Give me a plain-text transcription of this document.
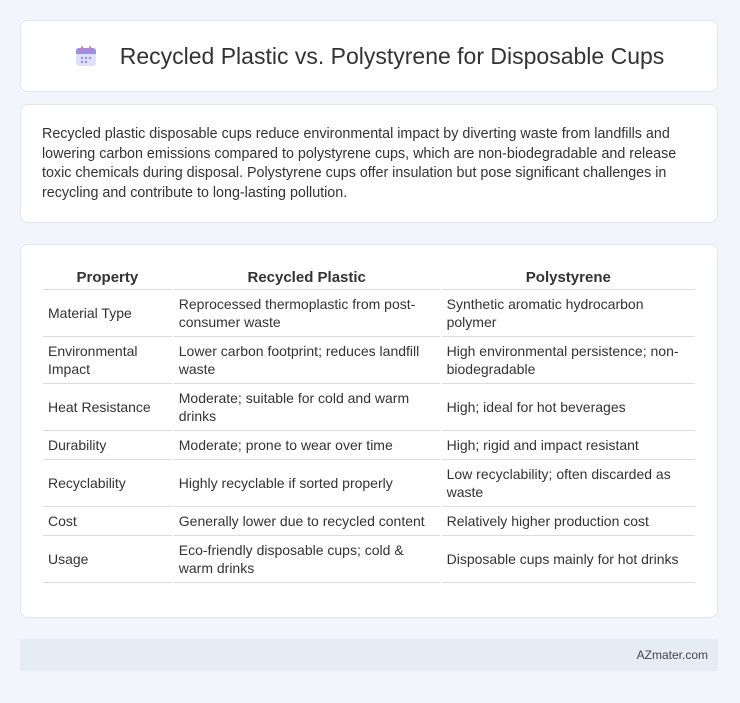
Recycled Plastic vs. Polystyrene for Disposable Cups

Recycled plastic disposable cups reduce environmental impact by diverting waste from landfills and lowering carbon emissions compared to polystyrene cups, which are non-biodegradable and release toxic chemicals during disposal. Polystyrene cups offer insulation but pose significant challenges in recycling and contribute to long-lasting pollution.

Property	Recycled Plastic	Polystyrene
Material Type	Reprocessed thermoplastic from post-consumer waste	Synthetic aromatic hydrocarbon polymer
Environmental Impact	Lower carbon footprint; reduces landfill waste	High environmental persistence; non-biodegradable
Heat Resistance	Moderate; suitable for cold and warm drinks	High; ideal for hot beverages
Durability	Moderate; prone to wear over time	High; rigid and impact resistant
Recyclability	Highly recyclable if sorted properly	Low recyclability; often discarded as waste
Cost	Generally lower due to recycled content	Relatively higher production cost
Usage	Eco-friendly disposable cups; cold & warm drinks	Disposable cups mainly for hot drinks
AZmater.com
